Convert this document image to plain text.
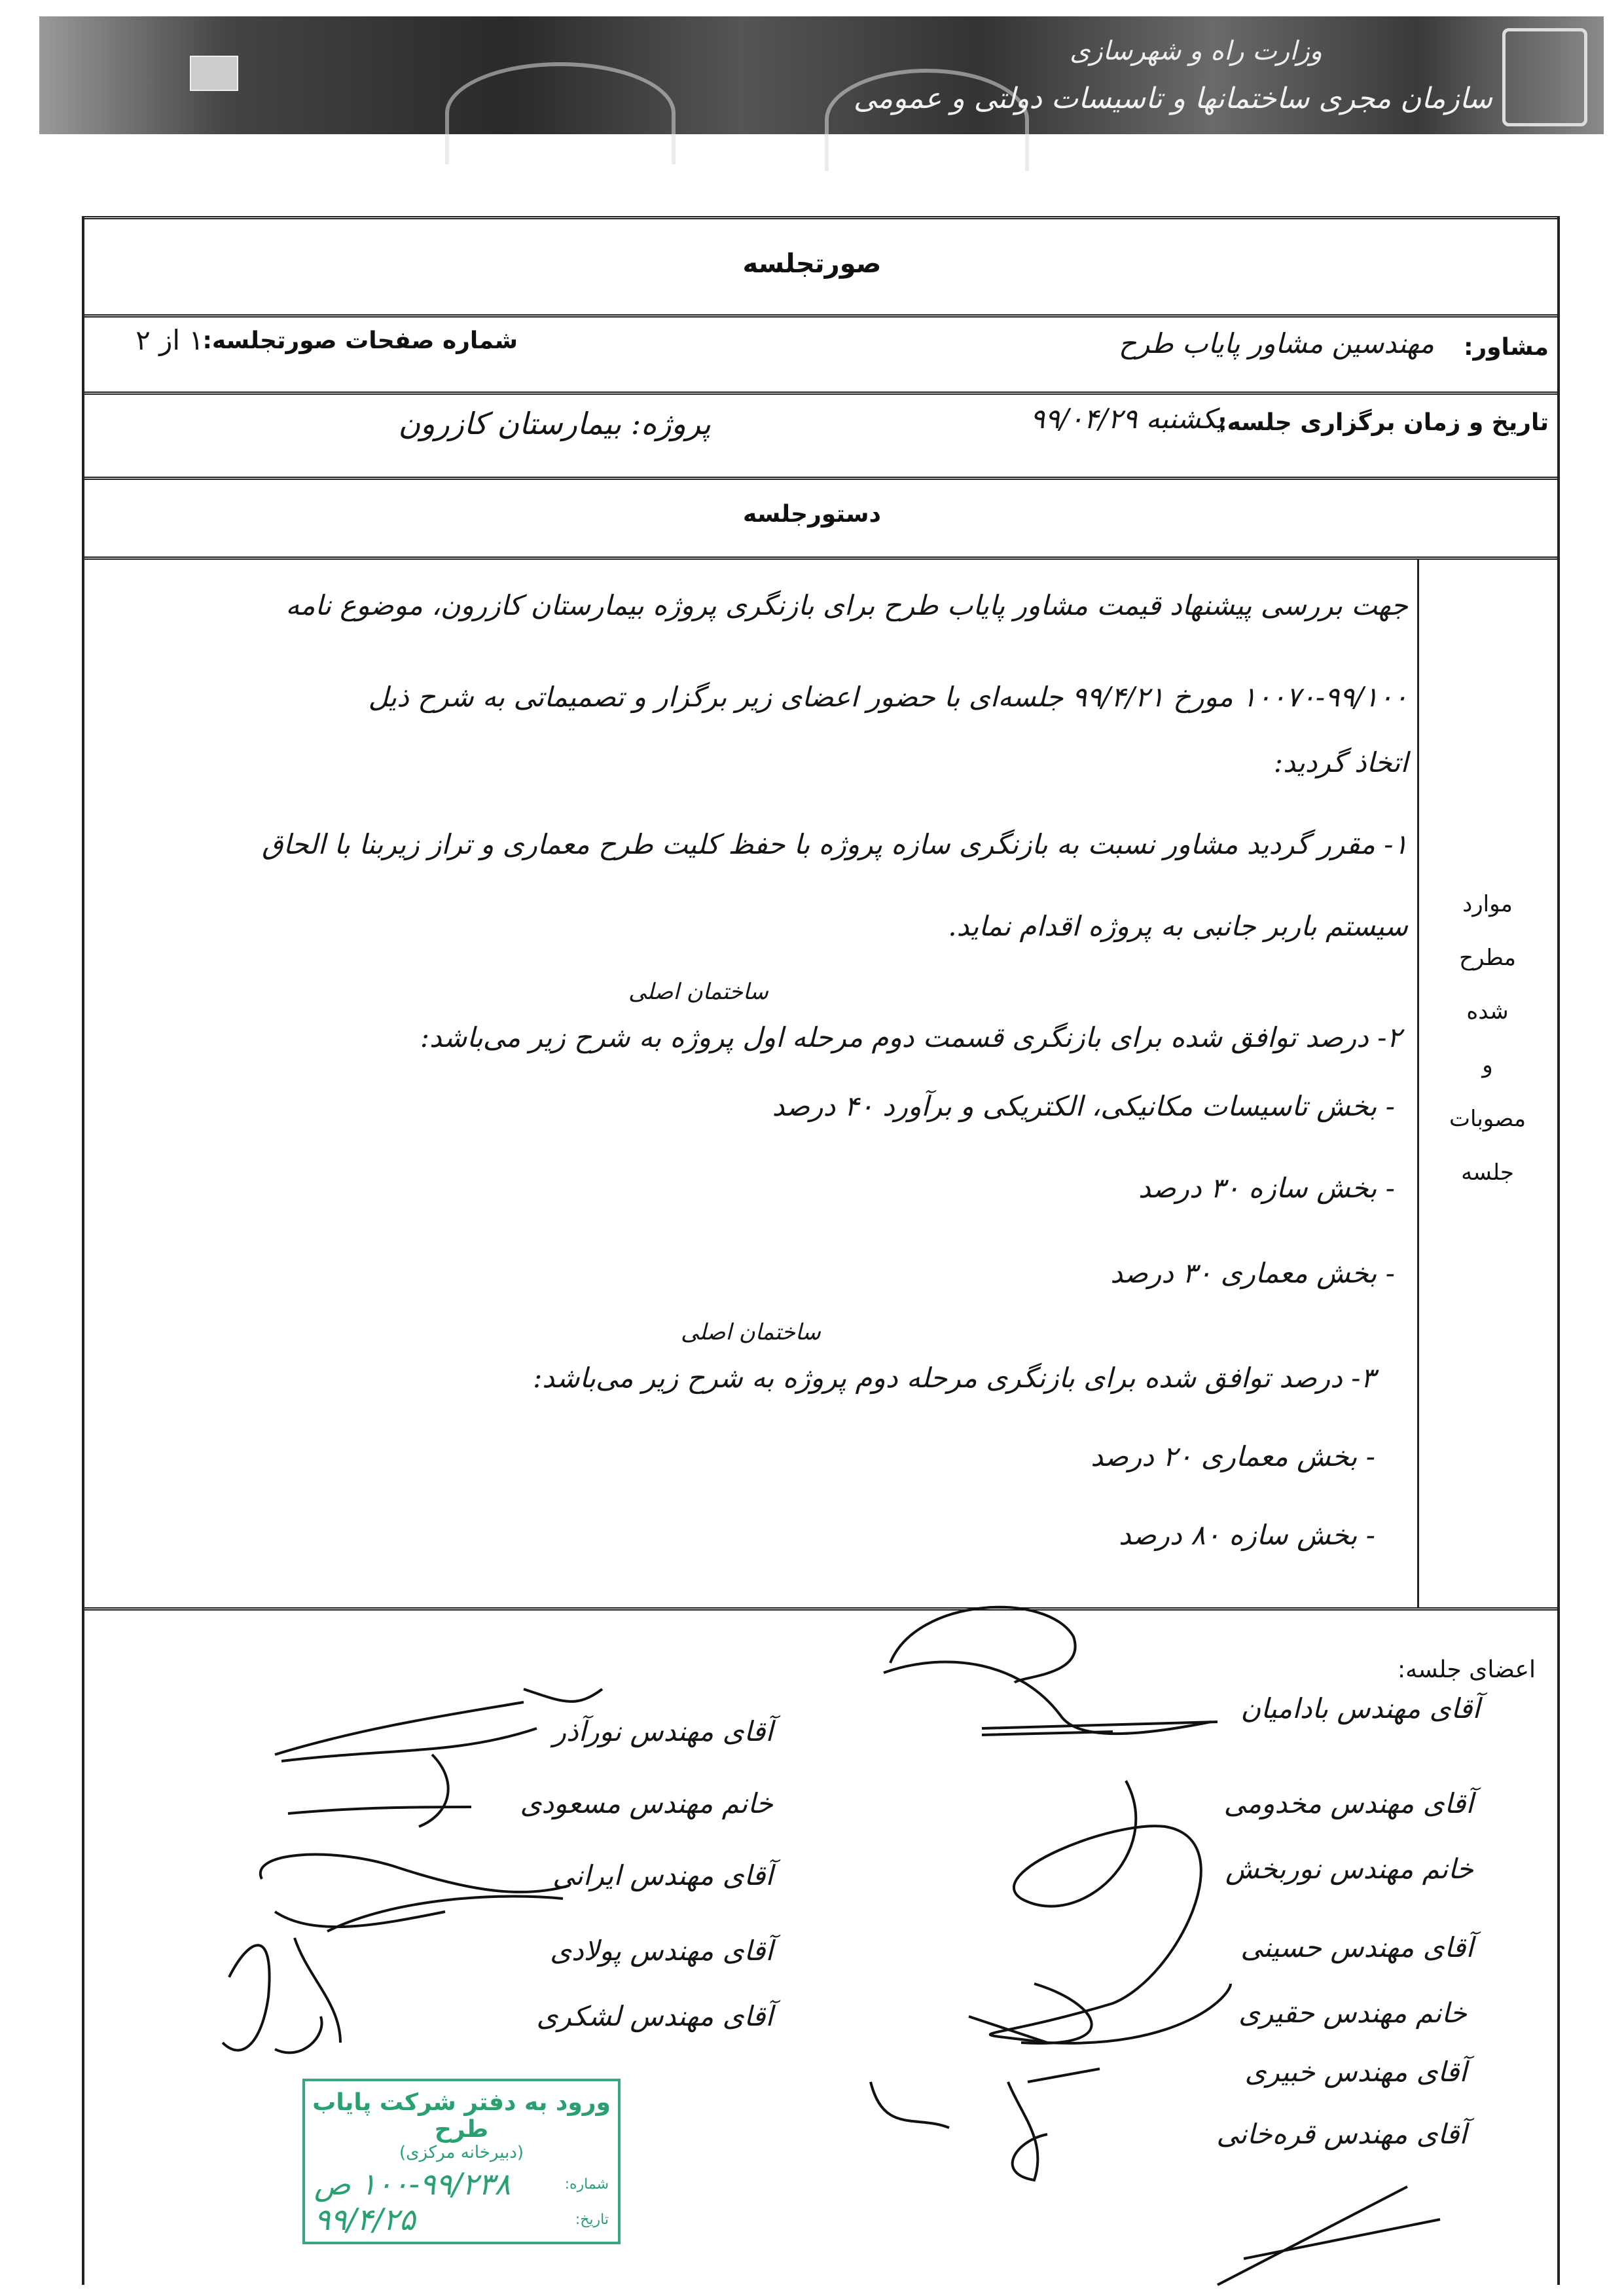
وزارت راه و شهرسازی
سازمان مجری ساختمانها و تاسیسات دولتی و عمومی
صورتجلسه
مشاور:
مهندسین مشاور پایاب طرح
شماره صفحات صورتجلسه:
۱ از ۲
تاریخ و زمان برگزاری جلسه:
یکشنبه ۹۹/۰۴/۲۹
پروژه: بیمارستان کازرون
دستورجلسه
موارد
مطرح
شده
و
مصوبات
جلسه
جهت بررسی پیشنهاد قیمت مشاور پایاب طرح برای بازنگری پروژه بیمارستان کازرون، موضوع نامه
۱۰۰۷۰-۹۹/۱۰۰ مورخ ۹۹/۴/۲۱ جلسه‌ای با حضور اعضای زیر برگزار و تصمیماتی به شرح ذیل
اتخاذ گردید:
۱- مقرر گردید مشاور نسبت به بازنگری سازه پروژه با حفظ کلیت طرح معماری و تراز زیربنا با الحاق
سیستم باربر جانبی به پروژه اقدام نماید.
ساختمان اصلی
۲- درصد توافق شده برای بازنگری قسمت دوم مرحله اول پروژه به شرح زیر می‌باشد:
- بخش تاسیسات مکانیکی، الکتریکی و برآورد ۴۰ درصد
- بخش سازه ۳۰ درصد
- بخش معماری ۳۰ درصد
ساختمان اصلی
۳- درصد توافق شده برای بازنگری مرحله دوم پروژه به شرح زیر می‌باشد:
- بخش معماری ۲۰ درصد
- بخش سازه ۸۰ درصد
اعضای جلسه:
آقای مهندس بادامیان
آقای مهندس مخدومی
خانم مهندس نوربخش
آقای مهندس حسینی
خانم مهندس حقیری
آقای مهندس خبیری
آقای مهندس قره‌خانی
آقای مهندس نورآذر
خانم مهندس مسعودی
آقای مهندس ایرانی
آقای مهندس پولادی
آقای مهندس لشکری
ورود به دفتر شرکت پایاب طرح
(دبیرخانه مرکزی)
شماره:
۱۰۰-۹۹/۲۳۸ ص
تاریخ:
۹۹/۴/۲۵
